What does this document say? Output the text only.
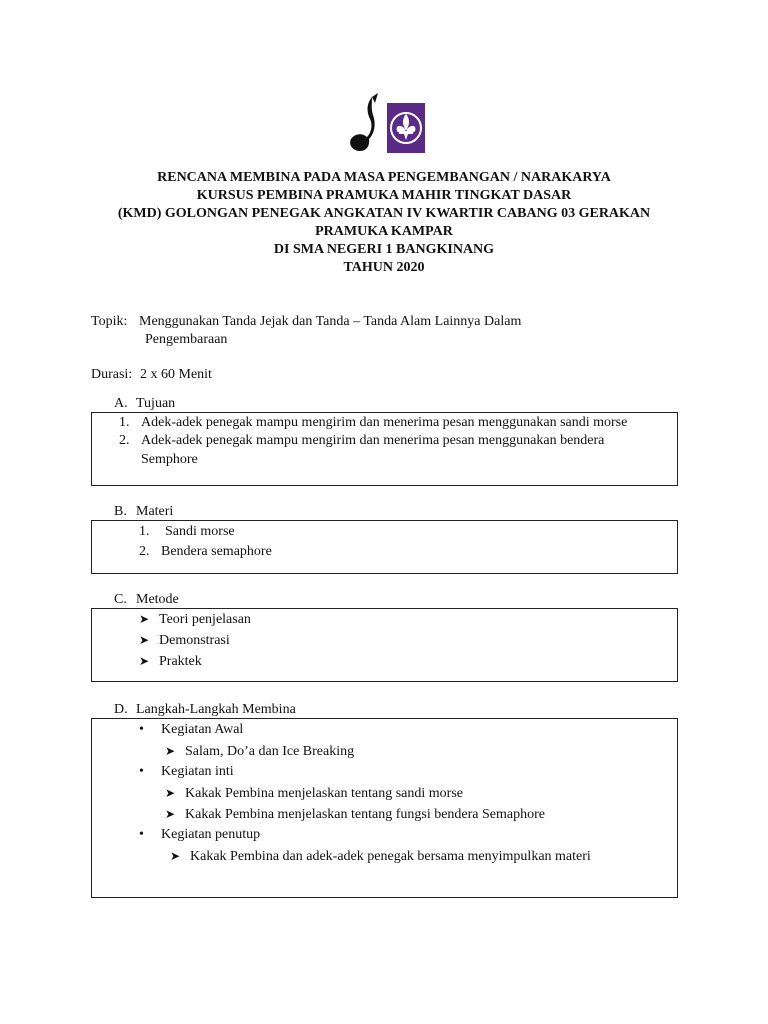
RENCANA MEMBINA PADA MASA PENGEMBANGAN / NARAKARYA
KURSUS PEMBINA PRAMUKA MAHIR TINGKAT DASAR
(KMD) GOLONGAN PENEGAK ANGKATAN IV KWARTIR CABANG 03 GERAKAN
PRAMUKA KAMPAR
DI SMA NEGERI 1 BANGKINANG
TAHUN 2020
Topik: Menggunakan Tanda Jejak dan Tanda – Tanda Alam Lainnya Dalam
Pengembaraan
Durasi: 2 x 60 Menit
A. Tujuan
1. Adek-adek penegak mampu mengirim dan menerima pesan menggunakan sandi morse
2. Adek-adek penegak mampu mengirim dan menerima pesan menggunakan bendera
Semphore
B. Materi
1. Sandi morse
2. Bendera semaphore
C. Metode
➤ Teori penjelasan
➤ Demonstrasi
➤ Praktek
D. Langkah-Langkah Membina
• Kegiatan Awal
➤ Salam, Do’a dan Ice Breaking
• Kegiatan inti
➤ Kakak Pembina menjelaskan tentang sandi morse
➤ Kakak Pembina menjelaskan tentang fungsi bendera Semaphore
• Kegiatan penutup
➤ Kakak Pembina dan adek-adek penegak bersama menyimpulkan materi
